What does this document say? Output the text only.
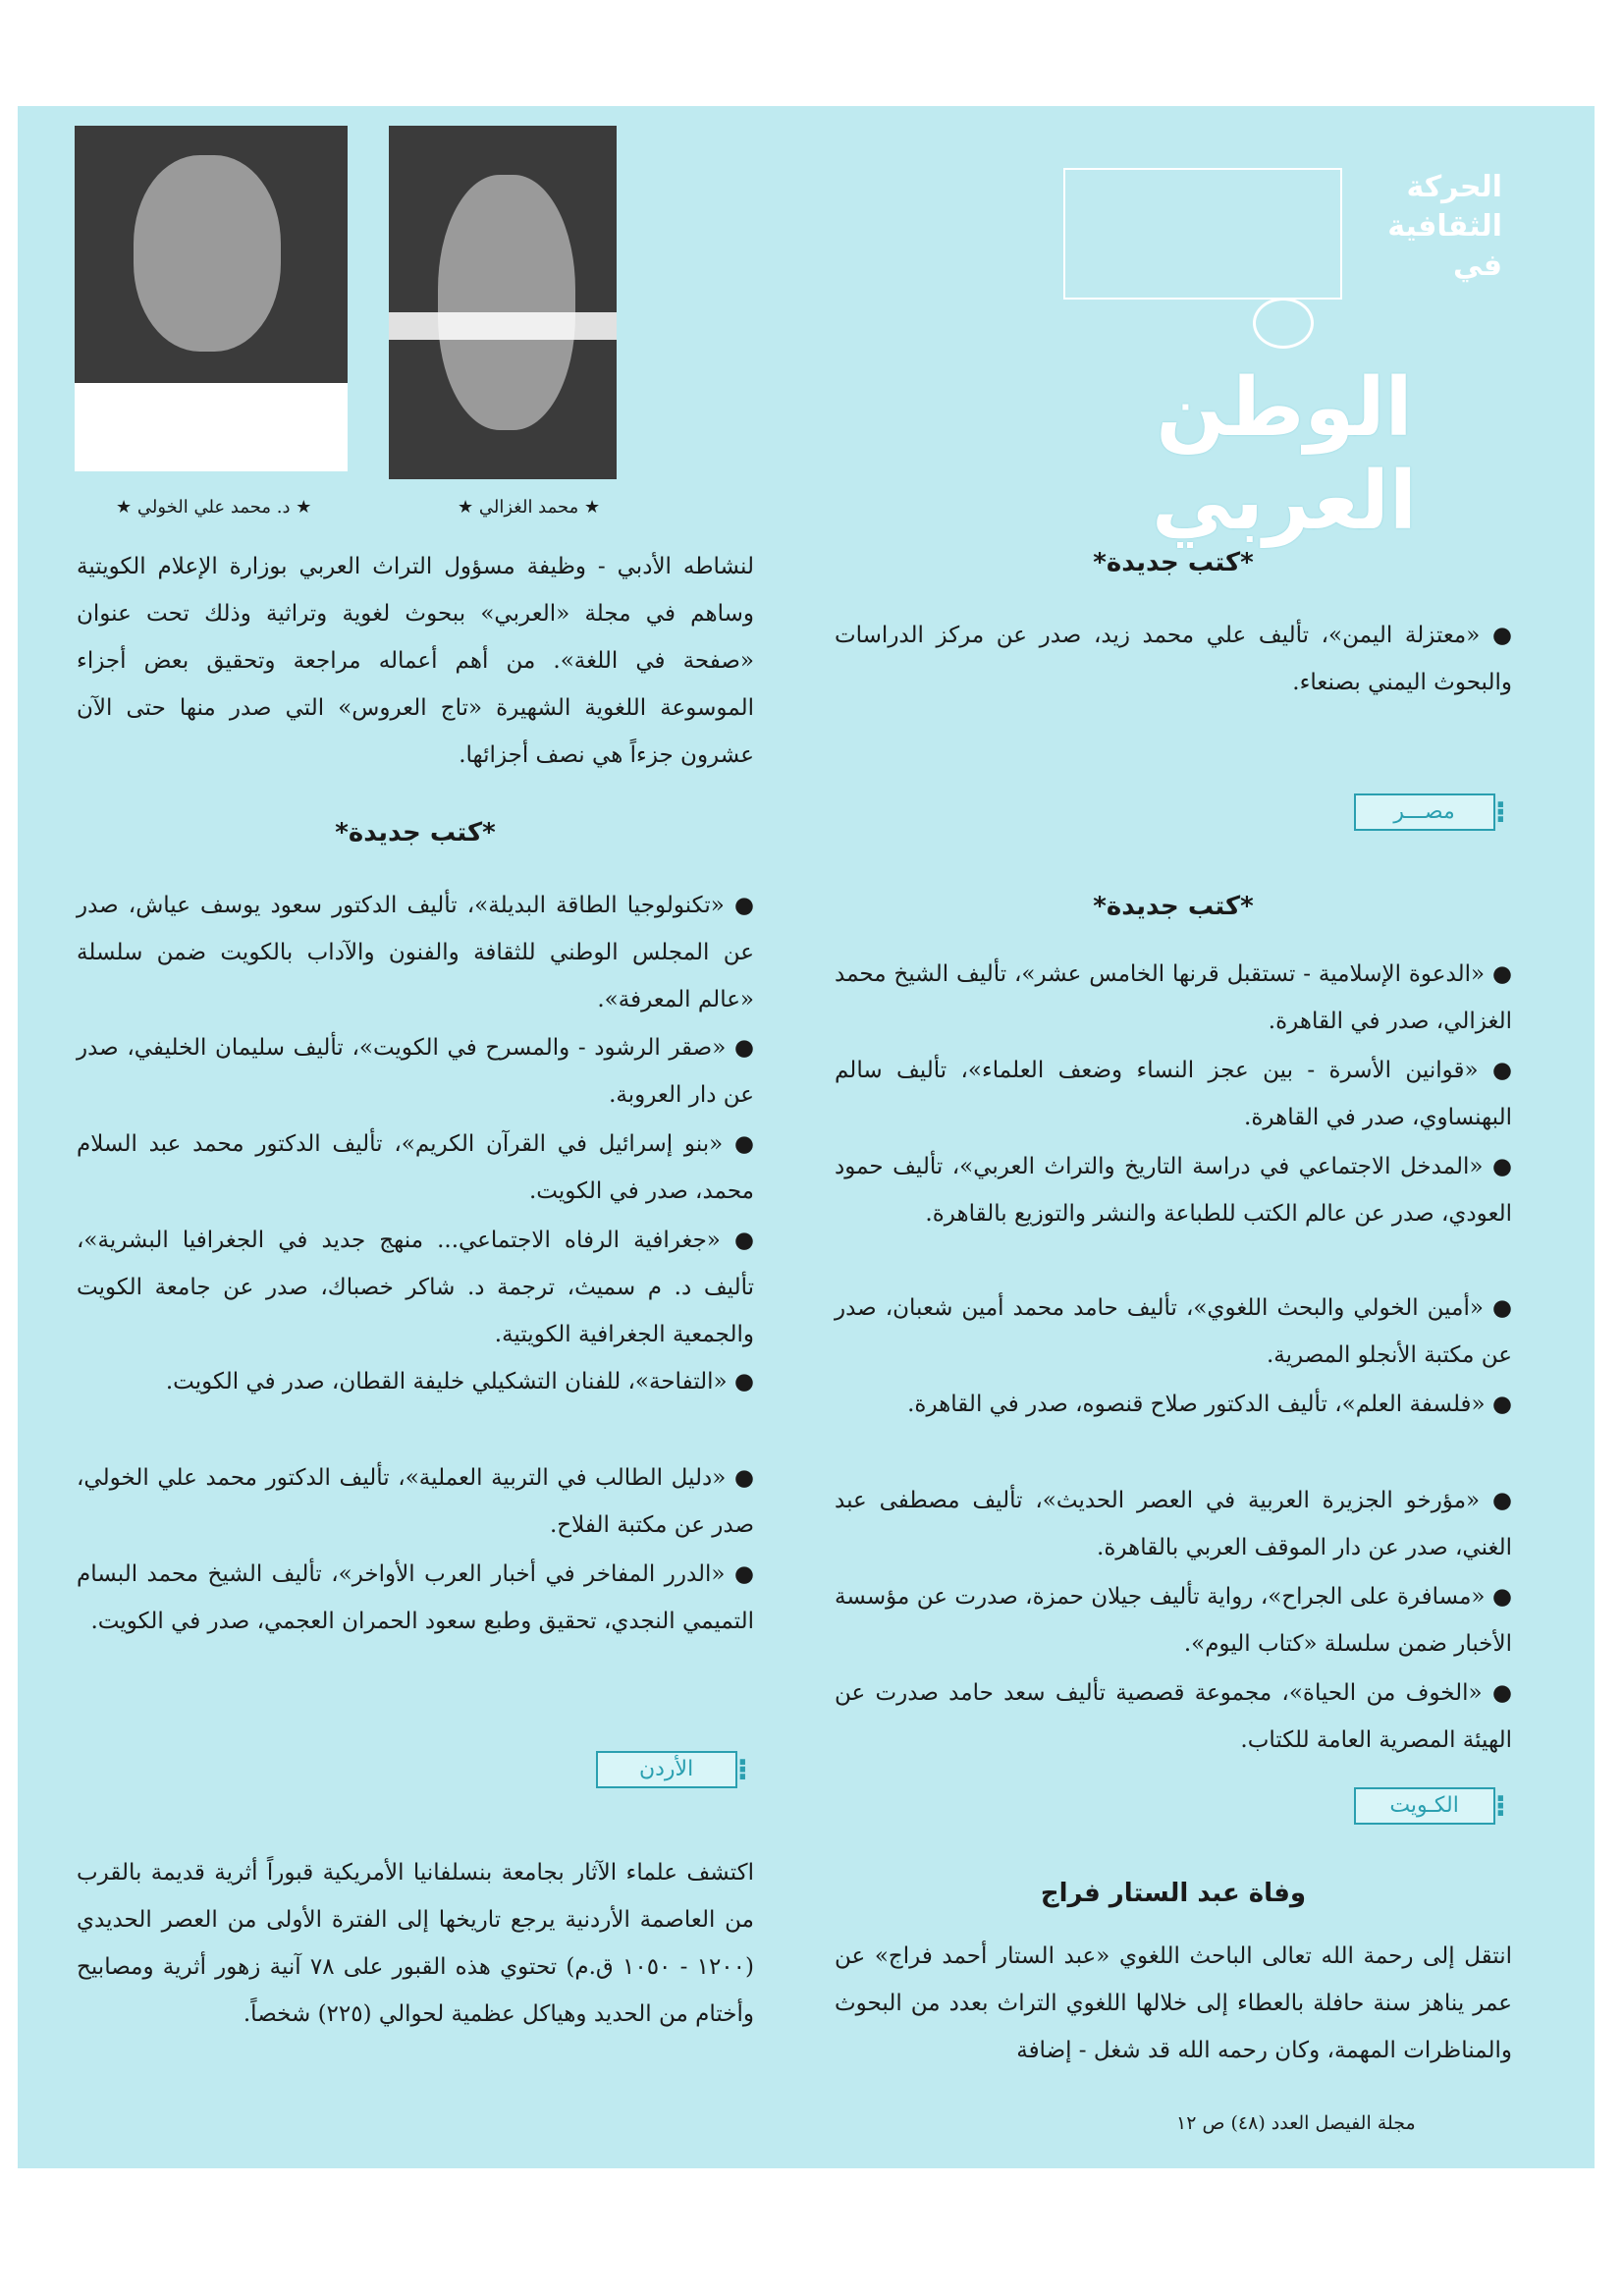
الحركة الثقافية في
الوطن العربي
★ محمد الغزالي ★
★ د. محمد علي الخولي ★
*كتب جديدة*

● «معتزلة اليمن»، تأليف علي محمد زيد، صدر عن مركز الدراسات والبحوث اليمني بصنعاء.

⁝
مصـــر
*كتب جديدة*

● «الدعوة الإسلامية - تستقبل قرنها الخامس عشر»، تأليف الشيخ محمد الغزالي، صدر في القاهرة.

● «قوانين الأسرة - بين عجز النساء وضعف العلماء»، تأليف سالم البهنساوي، صدر في القاهرة.

● «المدخل الاجتماعي في دراسة التاريخ والتراث العربي»، تأليف حمود العودي، صدر عن عالم الكتب للطباعة والنشر والتوزيع بالقاهرة.

● «أمين الخولي والبحث اللغوي»، تأليف حامد محمد أمين شعبان، صدر عن مكتبة الأنجلو المصرية.

● «فلسفة العلم»، تأليف الدكتور صلاح قنصوه، صدر في القاهرة.

● «مؤرخو الجزيرة العربية في العصر الحديث»، تأليف مصطفى عبد الغني، صدر عن دار الموقف العربي بالقاهرة.

● «مسافرة على الجراح»، رواية تأليف جيلان حمزة، صدرت عن مؤسسة الأخبار ضمن سلسلة «كتاب اليوم».

● «الخوف من الحياة»، مجموعة قصصية تأليف سعد حامد صدرت عن الهيئة المصرية العامة للكتاب.

⁝
الكـويت
وفاة عبد الستار فراج

انتقل إلى رحمة الله تعالى الباحث اللغوي «عبد الستار أحمد فراج» عن عمر يناهز سنة حافلة بالعطاء إلى خلالها اللغوي التراث بعدد من البحوث والمناظرات المهمة، وكان رحمه الله قد شغل - إضافة

لنشاطه الأدبي - وظيفة مسؤول التراث العربي بوزارة الإعلام الكويتية وساهم في مجلة «العربي» ببحوث لغوية وتراثية وذلك تحت عنوان «صفحة في اللغة». من أهم أعماله مراجعة وتحقيق بعض أجزاء الموسوعة اللغوية الشهيرة «تاج العروس» التي صدر منها حتى الآن عشرون جزءاً هي نصف أجزائها.

*كتب جديدة*

● «تكنولوجيا الطاقة البديلة»، تأليف الدكتور سعود يوسف عياش، صدر عن المجلس الوطني للثقافة والفنون والآداب بالكويت ضمن سلسلة «عالم المعرفة».

● «صقر الرشود - والمسرح في الكويت»، تأليف سليمان الخليفي، صدر عن دار العروبة.

● «بنو إسرائيل في القرآن الكريم»، تأليف الدكتور محمد عبد السلام محمد، صدر في الكويت.

● «جغرافية الرفاه الاجتماعي... منهج جديد في الجغرافيا البشرية»، تأليف د. م سميث، ترجمة د. شاكر خصباك، صدر عن جامعة الكويت والجمعية الجغرافية الكويتية.

● «التفاحة»، للفنان التشكيلي خليفة القطان، صدر في الكويت.

● «دليل الطالب في التربية العملية»، تأليف الدكتور محمد علي الخولي، صدر عن مكتبة الفلاح.

● «الدرر المفاخر في أخبار العرب الأواخر»، تأليف الشيخ محمد البسام التميمي النجدي، تحقيق وطبع سعود الحمران العجمي، صدر في الكويت.

⁝
الأردن

اكتشف علماء الآثار بجامعة بنسلفانيا الأمريكية قبوراً أثرية قديمة بالقرب من العاصمة الأردنية يرجع تاريخها إلى الفترة الأولى من العصر الحديدي (١٢٠٠ - ١٠٥٠ ق.م) تحتوي هذه القبور على ٧٨ آنية زهور أثرية ومصابيح وأختام من الحديد وهياكل عظمية لحوالي (٢٢٥) شخصاً.

مجلة الفيصل العدد (٤٨) ص ١٢
